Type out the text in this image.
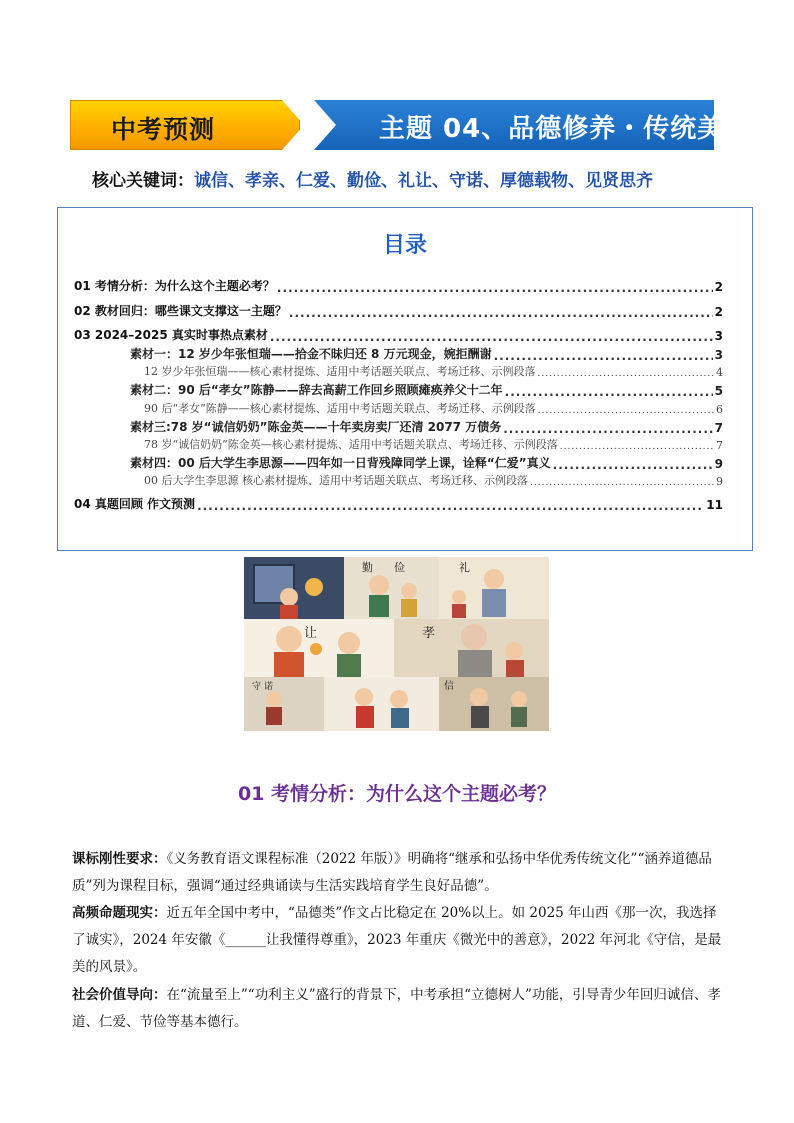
中考预测	主题 04、品德修养・传统美德
核心关键词：诚信、孝亲、仁爱、勤俭、礼让、守诺、厚德载物、见贤思齐
目录
01 考情分析：为什么这个主题必考？ .....	2
02 教材回归：哪些课文支撑这一主题？ .....	2
03 2024–2025 真实时事热点素材 .....	3
素材一：12 岁少年张恒瑞——拾金不昧归还 8 万元现金，婉拒酬谢 .....	3
12 岁少年张恒瑞——核心素材提炼、适用中考话题关联点、考场迁移、示例段落 .....	4
素材二：90 后“孝女”陈静——辞去高薪工作回乡照顾瘫痪养父十二年 .....	5
90 后“孝女”陈静——核心素材提炼、适用中考话题关联点、考场迁移、示例段落 .....	6
素材三:78 岁“诚信奶奶”陈金英——十年卖房卖厂还清 2077 万债务 .....	7
78 岁“诚信奶奶”陈金英—核心素材提炼、适用中考话题关联点、考场迁移、示例段落 .....	7
素材四：00 后大学生李思源——四年如一日背残障同学上课，诠释“仁爱”真义 .....	9
00 后大学生李思源 核心素材提炼、适用中考话题关联点、考场迁移、示例段落 .....	9
04 真题回顾 作文预测 .....	11
勤 俭	礼
让	孝
守 诺	信
01 考情分析：为什么这个主题必考？
课标刚性要求：《义务教育语文课程标准（2022 年版）》明确将“继承和弘扬中华优秀传统文化”“涵养道德品质”列为课程目标，强调“通过经典诵读与生活实践培育学生良好品德”。
高频命题现实：近五年全国中考中，“品德类”作文占比稳定在 20%以上。如 2025 年山西《那一次，我选择了诚实》，2024 年安徽《______让我懂得尊重》，2023 年重庆《微光中的善意》，2022 年河北《守信，是最美的风景》。
社会价值导向：在“流量至上”“功利主义”盛行的背景下，中考承担“立德树人”功能，引导青少年回归诚信、孝道、仁爱、节俭等基本德行。
